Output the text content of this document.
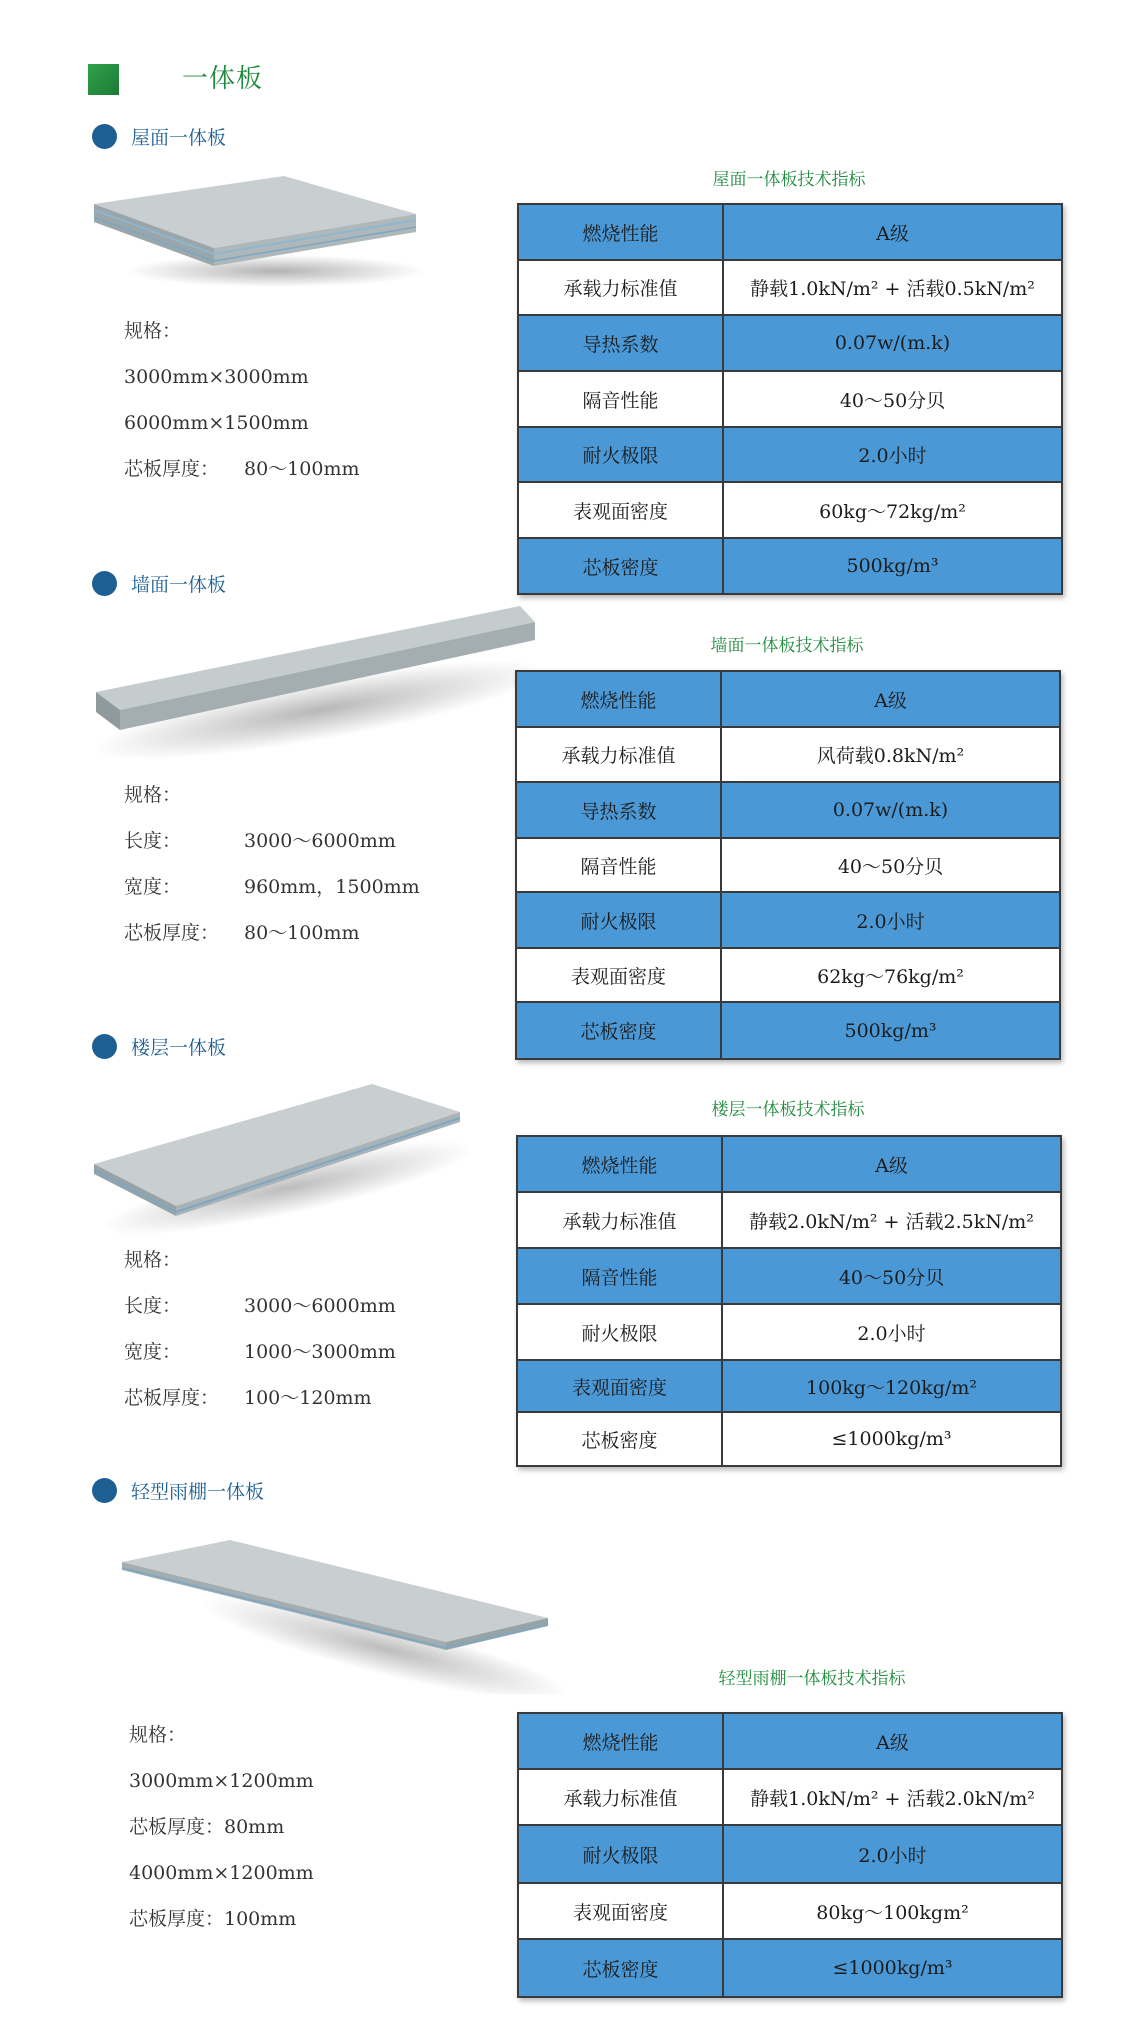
一体板
屋面一体板
规格：
3000mm×3000mm
6000mm×1500mm
芯板厚度： 80～100mm
屋面一体板技术指标
燃烧性能	A级
承载力标准值	静载1.0kN/m² + 活载0.5kN/m²
导热系数	0.07w/(m.k)
隔音性能	40～50分贝
耐火极限	2.0小时
表观面密度	60kg～72kg/m²
芯板密度	500kg/m³
墙面一体板
规格：
长度：	3000～6000mm
宽度：	960mm，1500mm
芯板厚度： 80～100mm
墙面一体板技术指标
燃烧性能	A级
承载力标准值	风荷载0.8kN/m²
导热系数	0.07w/(m.k)
隔音性能	40～50分贝
耐火极限	2.0小时
表观面密度	62kg～76kg/m²
芯板密度	500kg/m³
楼层一体板
规格：
长度：	3000～6000mm
宽度：	1000～3000mm
芯板厚度： 100～120mm
楼层一体板技术指标
燃烧性能	A级
承载力标准值	静载2.0kN/m² + 活载2.5kN/m²
隔音性能	40～50分贝
耐火极限	2.0小时
表观面密度	100kg～120kg/m²
芯板密度	≤1000kg/m³
轻型雨棚一体板
规格：
3000mm×1200mm
芯板厚度：80mm
4000mm×1200mm
芯板厚度：100mm
轻型雨棚一体板技术指标
燃烧性能	A级
承载力标准值	静载1.0kN/m² + 活载2.0kN/m²
耐火极限	2.0小时
表观面密度	80kg～100kgm²
芯板密度	≤1000kg/m³
